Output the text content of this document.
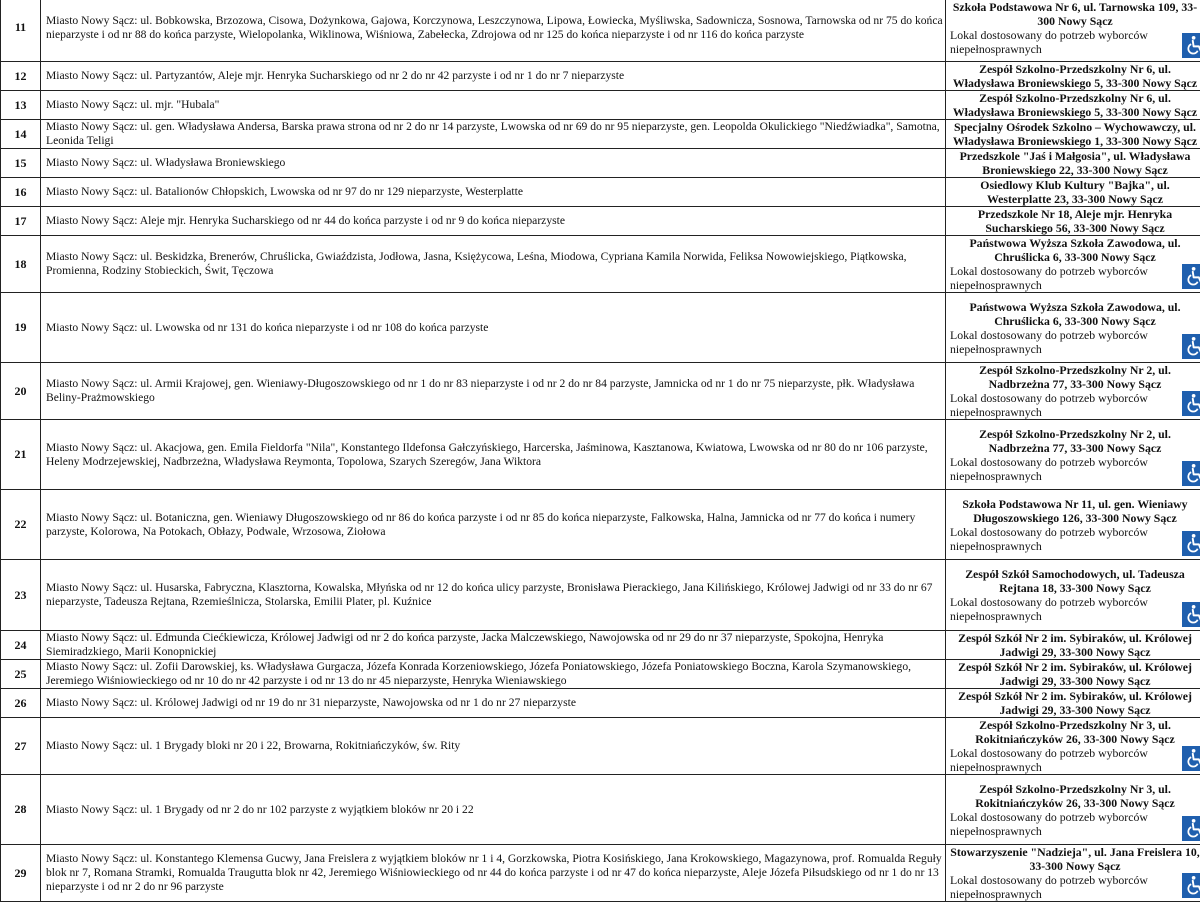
11	Miasto Nowy Sącz: ul. Bobkowska, Brzozowa, Cisowa, Dożynkowa, Gajowa, Korczynowa, Leszczynowa, Lipowa, Łowiecka, Myśliwska, Sadownicza, Sosnowa, Tarnowska od nr 75 do końca nieparzyste i od nr 88 do końca parzyste, Wielopolanka, Wiklinowa, Wiśniowa, Zabełecka, Zdrojowa od nr 125 do końca nieparzyste i od nr 116 do końca parzyste	Szkoła Podstawowa Nr 6, ul. Tarnowska 109, 33-300 Nowy Sącz
Lokal dostosowany do potrzeb wyborców niepełnosprawnych

12	Miasto Nowy Sącz: ul. Partyzantów, Aleje mjr. Henryka Sucharskiego od nr 2 do nr 42 parzyste i od nr 1 do nr 7 nieparzyste	Zespół Szkolno-Przedszkolny Nr 6, ul. Władysława Broniewskiego 5, 33-300 Nowy Sącz

13	Miasto Nowy Sącz: ul. mjr. "Hubala"	Zespół Szkolno-Przedszkolny Nr 6, ul. Władysława Broniewskiego 5, 33-300 Nowy Sącz

14	Miasto Nowy Sącz: ul. gen. Władysława Andersa, Barska prawa strona od nr 2 do nr 14 parzyste, Lwowska od nr 69 do nr 95 nieparzyste, gen. Leopolda Okulickiego "Niedźwiadka", Samotna, Leonida Teligi	Specjalny Ośrodek Szkolno – Wychowawczy, ul. Władysława Broniewskiego 1, 33-300 Nowy Sącz

15	Miasto Nowy Sącz: ul. Władysława Broniewskiego	Przedszkole "Jaś i Małgosia", ul. Władysława Broniewskiego 22, 33-300 Nowy Sącz

16	Miasto Nowy Sącz: ul. Batalionów Chłopskich, Lwowska od nr 97 do nr 129 nieparzyste, Westerplatte	Osiedlowy Klub Kultury "Bajka", ul. Westerplatte 23, 33-300 Nowy Sącz

17	Miasto Nowy Sącz: Aleje mjr. Henryka Sucharskiego od nr 44 do końca parzyste i od nr 9 do końca nieparzyste	Przedszkole Nr 18, Aleje mjr. Henryka Sucharskiego 56, 33-300 Nowy Sącz

18	Miasto Nowy Sącz: ul. Beskidzka, Brenerów, Chruślicka, Gwiaździsta, Jodłowa, Jasna, Księżycowa, Leśna, Miodowa, Cypriana Kamila Norwida, Feliksa Nowowiejskiego, Piątkowska, Promienna, Rodziny Stobieckich, Świt, Tęczowa	Państwowa Wyższa Szkoła Zawodowa, ul. Chruślicka 6, 33-300 Nowy Sącz
Lokal dostosowany do potrzeb wyborców niepełnosprawnych

19	Miasto Nowy Sącz: ul. Lwowska od nr 131 do końca nieparzyste i od nr 108 do końca parzyste	Państwowa Wyższa Szkoła Zawodowa, ul. Chruślicka 6, 33-300 Nowy Sącz
Lokal dostosowany do potrzeb wyborców niepełnosprawnych

20	Miasto Nowy Sącz: ul. Armii Krajowej, gen. Wieniawy-Długoszowskiego od nr 1 do nr 83 nieparzyste i od nr 2 do nr 84 parzyste, Jamnicka od nr 1 do nr 75 nieparzyste, płk. Władysława Beliny-Prażmowskiego	Zespół Szkolno-Przedszkolny Nr 2, ul. Nadbrzeżna 77, 33-300 Nowy Sącz
Lokal dostosowany do potrzeb wyborców niepełnosprawnych

21	Miasto Nowy Sącz: ul. Akacjowa, gen. Emila Fieldorfa "Nila", Konstantego Ildefonsa Gałczyńskiego, Harcerska, Jaśminowa, Kasztanowa, Kwiatowa, Lwowska od nr 80 do nr 106 parzyste, Heleny Modrzejewskiej, Nadbrzeżna, Władysława Reymonta, Topolowa, Szarych Szeregów, Jana Wiktora	Zespół Szkolno-Przedszkolny Nr 2, ul. Nadbrzeżna 77, 33-300 Nowy Sącz
Lokal dostosowany do potrzeb wyborców niepełnosprawnych

22	Miasto Nowy Sącz: ul. Botaniczna, gen. Wieniawy Długoszowskiego od nr 86 do końca parzyste i od nr 85 do końca nieparzyste, Falkowska, Halna, Jamnicka od nr 77 do końca i numery parzyste, Kolorowa, Na Potokach, Obłazy, Podwale, Wrzosowa, Ziołowa	Szkoła Podstawowa Nr 11, ul. gen. Wieniawy Długoszowskiego 126, 33-300 Nowy Sącz
Lokal dostosowany do potrzeb wyborców niepełnosprawnych

23	Miasto Nowy Sącz: ul. Husarska, Fabryczna, Klasztorna, Kowalska, Młyńska od nr 12 do końca ulicy parzyste, Bronisława Pierackiego, Jana Kilińskiego, Królowej Jadwigi od nr 33 do nr 67 nieparzyste, Tadeusza Rejtana, Rzemieślnicza, Stolarska, Emilii Plater, pl. Kuźnice	Zespół Szkół Samochodowych, ul. Tadeusza Rejtana 18, 33-300 Nowy Sącz
Lokal dostosowany do potrzeb wyborców niepełnosprawnych

24	Miasto Nowy Sącz: ul. Edmunda Ciećkiewicza, Królowej Jadwigi od nr 2 do końca parzyste, Jacka Malczewskiego, Nawojowska od nr 29 do nr 37 nieparzyste, Spokojna, Henryka Siemiradzkiego, Marii Konopnickiej	Zespół Szkół Nr 2 im. Sybiraków, ul. Królowej Jadwigi 29, 33-300 Nowy Sącz

25	Miasto Nowy Sącz: ul. Zofii Darowskiej, ks. Władysława Gurgacza, Józefa Konrada Korzeniowskiego, Józefa Poniatowskiego, Józefa Poniatowskiego Boczna, Karola Szymanowskiego, Jeremiego Wiśniowieckiego od nr 10 do nr 42 parzyste i od nr 13 do nr 45 nieparzyste, Henryka Wieniawskiego	Zespół Szkół Nr 2 im. Sybiraków, ul. Królowej Jadwigi 29, 33-300 Nowy Sącz

26	Miasto Nowy Sącz: ul. Królowej Jadwigi od nr 19 do nr 31 nieparzyste, Nawojowska od nr 1 do nr 27 nieparzyste	Zespół Szkół Nr 2 im. Sybiraków, ul. Królowej Jadwigi 29, 33-300 Nowy Sącz

27	Miasto Nowy Sącz: ul. 1 Brygady bloki nr 20 i 22, Browarna, Rokitniańczyków, św. Rity	Zespół Szkolno-Przedszkolny Nr 3, ul. Rokitniańczyków 26, 33-300 Nowy Sącz
Lokal dostosowany do potrzeb wyborców niepełnosprawnych

28	Miasto Nowy Sącz: ul. 1 Brygady od nr 2 do nr 102 parzyste z wyjątkiem bloków nr 20 i 22	Zespół Szkolno-Przedszkolny Nr 3, ul. Rokitniańczyków 26, 33-300 Nowy Sącz
Lokal dostosowany do potrzeb wyborców niepełnosprawnych

29	Miasto Nowy Sącz: ul. Konstantego Klemensa Gucwy, Jana Freislera z wyjątkiem bloków nr 1 i 4, Gorzkowska, Piotra Kosińskiego, Jana Krokowskiego, Magazynowa, prof. Romualda Reguły blok nr 7, Romana Stramki, Romualda Traugutta blok nr 42, Jeremiego Wiśniowieckiego od nr 44 do końca parzyste i od nr 47 do końca nieparzyste, Aleje Józefa Piłsudskiego od nr 1 do nr 13 nieparzyste i od nr 2 do nr 96 parzyste	Stowarzyszenie "Nadzieja", ul. Jana Freislera 10, 33-300 Nowy Sącz
Lokal dostosowany do potrzeb wyborców niepełnosprawnych
